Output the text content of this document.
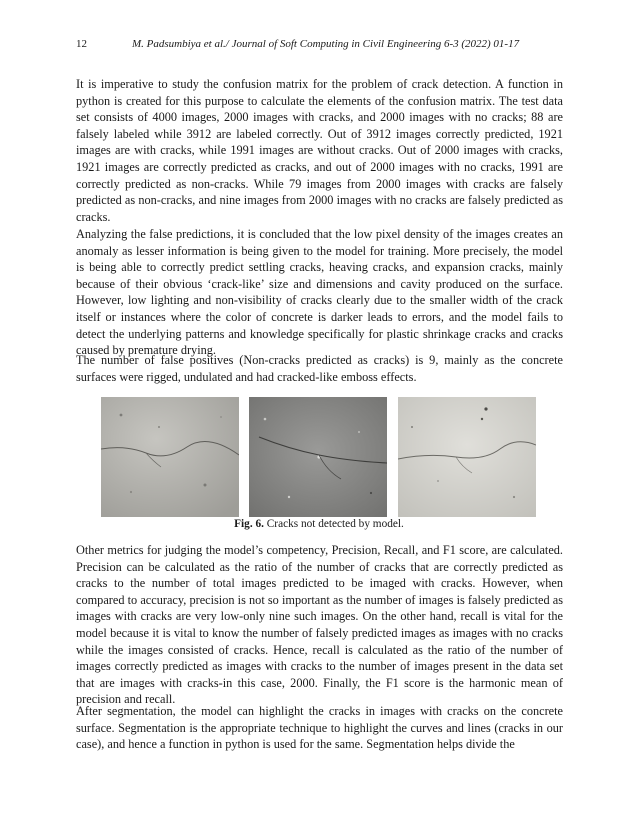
12	M. Padsumbiya et al./ Journal of Soft Computing in Civil Engineering 6-3 (2022) 01-17

It is imperative to study the confusion matrix for the problem of crack detection. A function in python is created for this purpose to calculate the elements of the confusion matrix. The test data set consists of 4000 images, 2000 images with cracks, and 2000 images with no cracks; 88 are falsely labeled while 3912 are labeled correctly. Out of 3912 images correctly predicted, 1921 images are with cracks, while 1991 images are without cracks. Out of 2000 images with cracks, 1921 images are correctly predicted as cracks, and out of 2000 images with no cracks, 1991 are correctly predicted as non-cracks. While 79 images from 2000 images with cracks are falsely predicted as non-cracks, and nine images from 2000 images with no cracks are falsely predicted as cracks.

Analyzing the false predictions, it is concluded that the low pixel density of the images creates an anomaly as lesser information is being given to the model for training. More precisely, the model is being able to correctly predict settling cracks, heaving cracks, and expansion cracks, mainly because of their obvious ‘crack-like’ size and dimensions and cavity produced on the surface. However, low lighting and non-visibility of cracks clearly due to the smaller width of the crack itself or instances where the color of concrete is darker leads to errors, and the model fails to detect the underlying patterns and knowledge specifically for plastic shrinkage cracks and cracks caused by premature drying.

The number of false positives (Non-cracks predicted as cracks) is 9, mainly as the concrete surfaces were rigged, undulated and had cracked-like emboss effects.

Fig. 6. Cracks not detected by model.

Other metrics for judging the model’s competency, Precision, Recall, and F1 score, are calculated. Precision can be calculated as the ratio of the number of cracks that are correctly predicted as cracks to the number of total images predicted to be imaged with cracks. However, when compared to accuracy, precision is not so important as the number of images is falsely predicted as images with cracks are very low-only nine such images. On the other hand, recall is vital for the model because it is vital to know the number of falsely predicted images as images with no cracks while the images consisted of cracks. Hence, recall is calculated as the ratio of the number of images correctly predicted as images with cracks to the number of images present in the data set that are images with cracks-in this case, 2000. Finally, the F1 score is the harmonic mean of precision and recall.

After segmentation, the model can highlight the cracks in images with cracks on the concrete surface. Segmentation is the appropriate technique to highlight the curves and lines (cracks in our case), and hence a function in python is used for the same. Segmentation helps divide the
